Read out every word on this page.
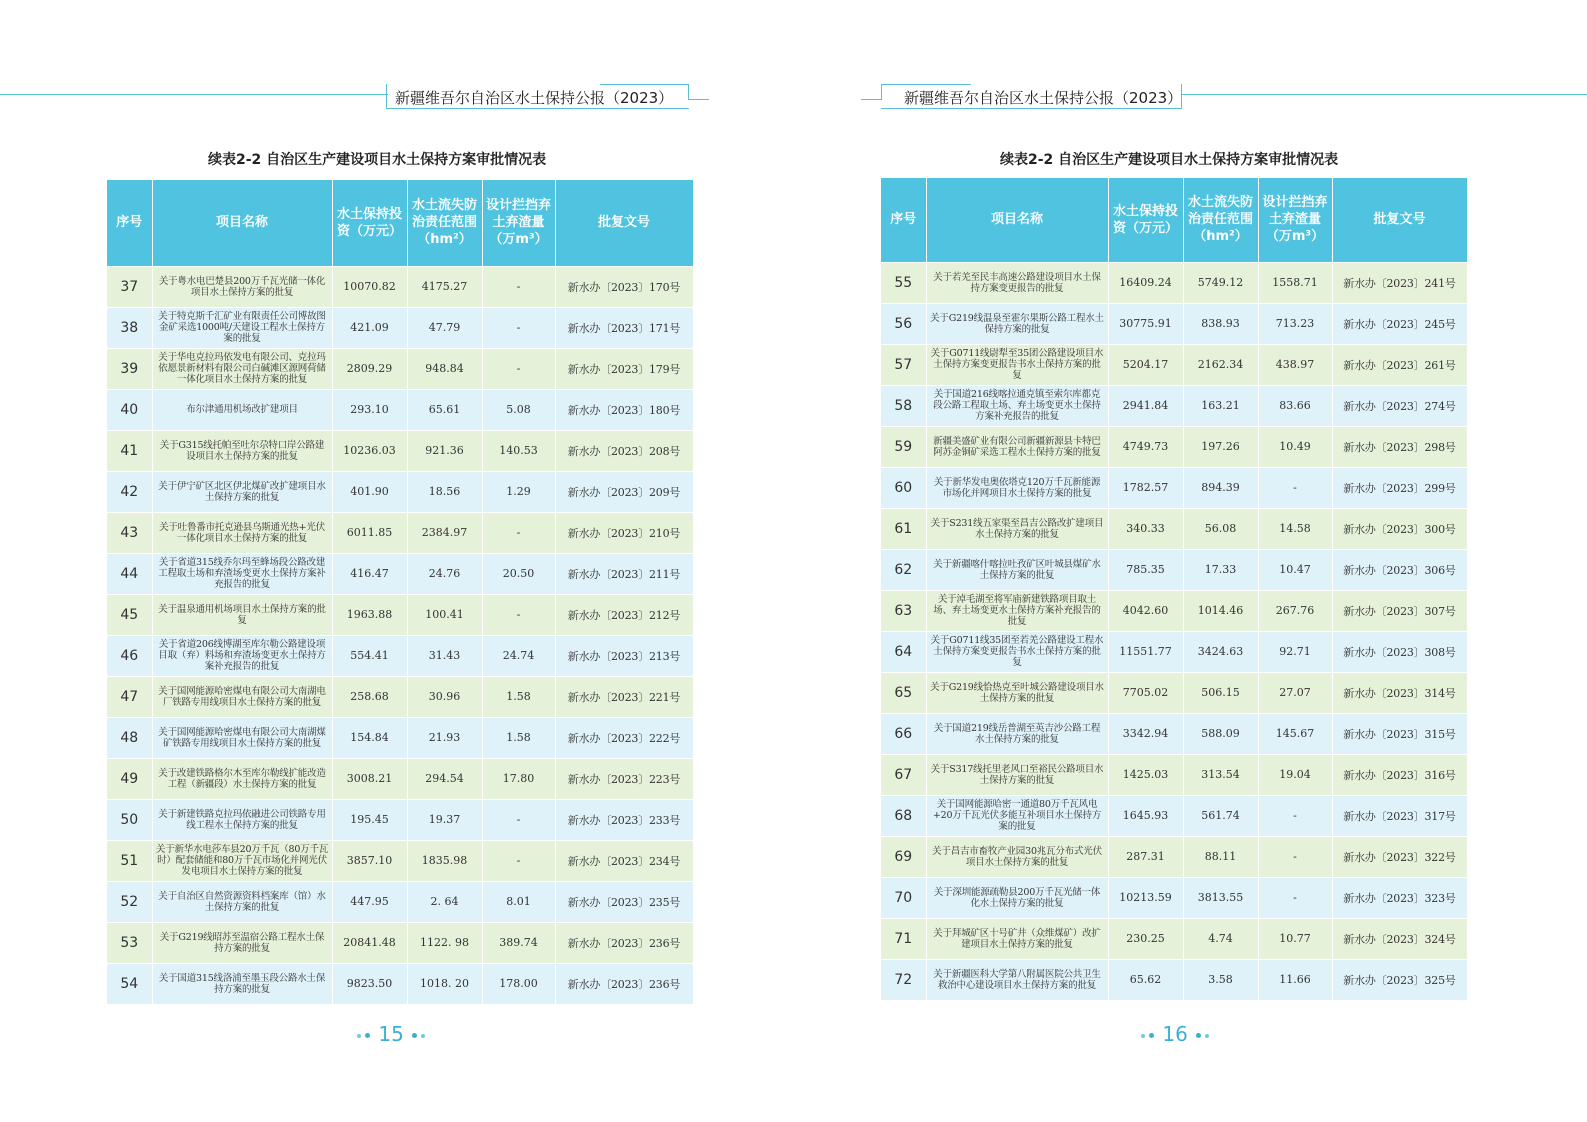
新疆维吾尔自治区水土保持公报（2023）
续表2-2 自治区生产建设项目水土保持方案审批情况表
序号	项目名称	水土保持投资（万元）	水土流失防治责任范围（hm²）	设计拦挡弃土弃渣量（万m³）	批复文号
37	关于粤水电巴楚县200万千瓦光储一体化项目水土保持方案的批复	10070.82	4175.27	-	新水办〔2023〕170号
38	关于特克斯千汇矿业有限责任公司博故图金矿采选1000吨/天建设工程水土保持方案的批复	421.09	47.79	-	新水办〔2023〕171号
39	关于华电克拉玛依发电有限公司、克拉玛依愿景新材料有限公司白碱滩区源网荷储一体化项目水土保持方案的批复	2809.29	948.84	-	新水办〔2023〕179号
40	布尔津通用机场改扩建项目	293.10	65.61	5.08	新水办〔2023〕180号
41	关于G315线托帕至吐尔尕特口岸公路建设项目水土保持方案的批复	10236.03	921.36	140.53	新水办〔2023〕208号
42	关于伊宁矿区北区伊北煤矿改扩建项目水土保持方案的批复	401.90	18.56	1.29	新水办〔2023〕209号
43	关于吐鲁番市托克逊县乌斯通光热+光伏一体化项目水土保持方案的批复	6011.85	2384.97	-	新水办〔2023〕210号
44	关于省道315线乔尔玛至蜂场段公路改建工程取土场和弃渣场变更水土保持方案补充报告的批复	416.47	24.76	20.50	新水办〔2023〕211号
45	关于温泉通用机场项目水土保持方案的批复	1963.88	100.41	-	新水办〔2023〕212号
46	关于省道206线博湖至库尔勒公路建设项目取（弃）料场和弃渣场变更水土保持方案补充报告的批复	554.41	31.43	24.74	新水办〔2023〕213号
47	关于国网能源哈密煤电有限公司大南湖电厂铁路专用线项目水土保持方案的批复	258.68	30.96	1.58	新水办〔2023〕221号
48	关于国网能源哈密煤电有限公司大南湖煤矿铁路专用线项目水土保持方案的批复	154.84	21.93	1.58	新水办〔2023〕222号
49	关于改建铁路格尔木至库尔勒线扩能改造工程（新疆段）水土保持方案的批复	3008.21	294.54	17.80	新水办〔2023〕223号
50	关于新建铁路克拉玛依融进公司铁路专用线工程水土保持方案的批复	195.45	19.37	-	新水办〔2023〕233号
51	关于新华水电莎车县20万千瓦（80万千瓦时）配套储能和80万千瓦市场化并网光伏发电项目水土保持方案的批复	3857.10	1835.98	-	新水办〔2023〕234号
52	关于自治区自然资源资料档案库（馆）水土保持方案的批复	447.95	2. 64	8.01	新水办〔2023〕235号
53	关于G219线昭苏至温宿公路工程水土保持方案的批复	20841.48	1122. 98	389.74	新水办〔2023〕236号
54	关于国道315线洛浦至墨玉段公路水土保持方案的批复	9823.50	1018. 20	178.00	新水办〔2023〕236号
15
新疆维吾尔自治区水土保持公报（2023）
续表2-2 自治区生产建设项目水土保持方案审批情况表
序号	项目名称	水土保持投资（万元）	水土流失防治责任范围（hm²）	设计拦挡弃土弃渣量（万m³）	批复文号
55	关于若羌至民丰高速公路建设项目水土保持方案变更报告的批复	16409.24	5749.12	1558.71	新水办〔2023〕241号
56	关于G219线温泉至霍尔果斯公路工程水土保持方案的批复	30775.91	838.93	713.23	新水办〔2023〕245号
57	关于G0711线尉犁至35团公路建设项目水土保持方案变更报告书水土保持方案的批复	5204.17	2162.34	438.97	新水办〔2023〕261号
58	关于国道216线喀拉通克镇至索尔库都克段公路工程取土场、弃土场变更水土保持方案补充报告的批复	2941.84	163.21	83.66	新水办〔2023〕274号
59	新疆美盛矿业有限公司新疆新源县卡特巴阿苏金铜矿采选工程水土保持方案的批复	4749.73	197.26	10.49	新水办〔2023〕298号
60	关于新华发电奥依塔克120万千瓦新能源市场化并网项目水土保持方案的批复	1782.57	894.39	-	新水办〔2023〕299号
61	关于S231线五家渠至昌吉公路改扩建项目水土保持方案的批复	340.33	56.08	14.58	新水办〔2023〕300号
62	关于新疆喀什喀拉吐孜矿区叶城县煤矿水土保持方案的批复	785.35	17.33	10.47	新水办〔2023〕306号
63	关于淖毛湖至将军庙新建铁路项目取土场、弃土场变更水土保持方案补充报告的批复	4042.60	1014.46	267.76	新水办〔2023〕307号
64	关于G0711线35团至若羌公路建设工程水土保持方案变更报告书水土保持方案的批复	11551.77	3424.63	92.71	新水办〔2023〕308号
65	关于G219线恰热克至叶城公路建设项目水土保持方案的批复	7705.02	506.15	27.07	新水办〔2023〕314号
66	关于国道219线岳普湖至英吉沙公路工程水土保持方案的批复	3342.94	588.09	145.67	新水办〔2023〕315号
67	关于S317线托里老风口至裕民公路项目水土保持方案的批复	1425.03	313.54	19.04	新水办〔2023〕316号
68	关于国网能源哈密一通道80万千瓦风电+20万千瓦光伏多能互补项目水土保持方案的批复	1645.93	561.74	-	新水办〔2023〕317号
69	关于昌吉市畜牧产业园30兆瓦分布式光伏项目水土保持方案的批复	287.31	88.11	-	新水办〔2023〕322号
70	关于深圳能源疏勒县200万千瓦光储一体化水土保持方案的批复	10213.59	3813.55	-	新水办〔2023〕323号
71	关于拜城矿区十号矿井（众维煤矿）改扩建项目水土保持方案的批复	230.25	4.74	10.77	新水办〔2023〕324号
72	关于新疆医科大学第八附属医院公共卫生救治中心建设项目水土保持方案的批复	65.62	3.58	11.66	新水办〔2023〕325号
16
